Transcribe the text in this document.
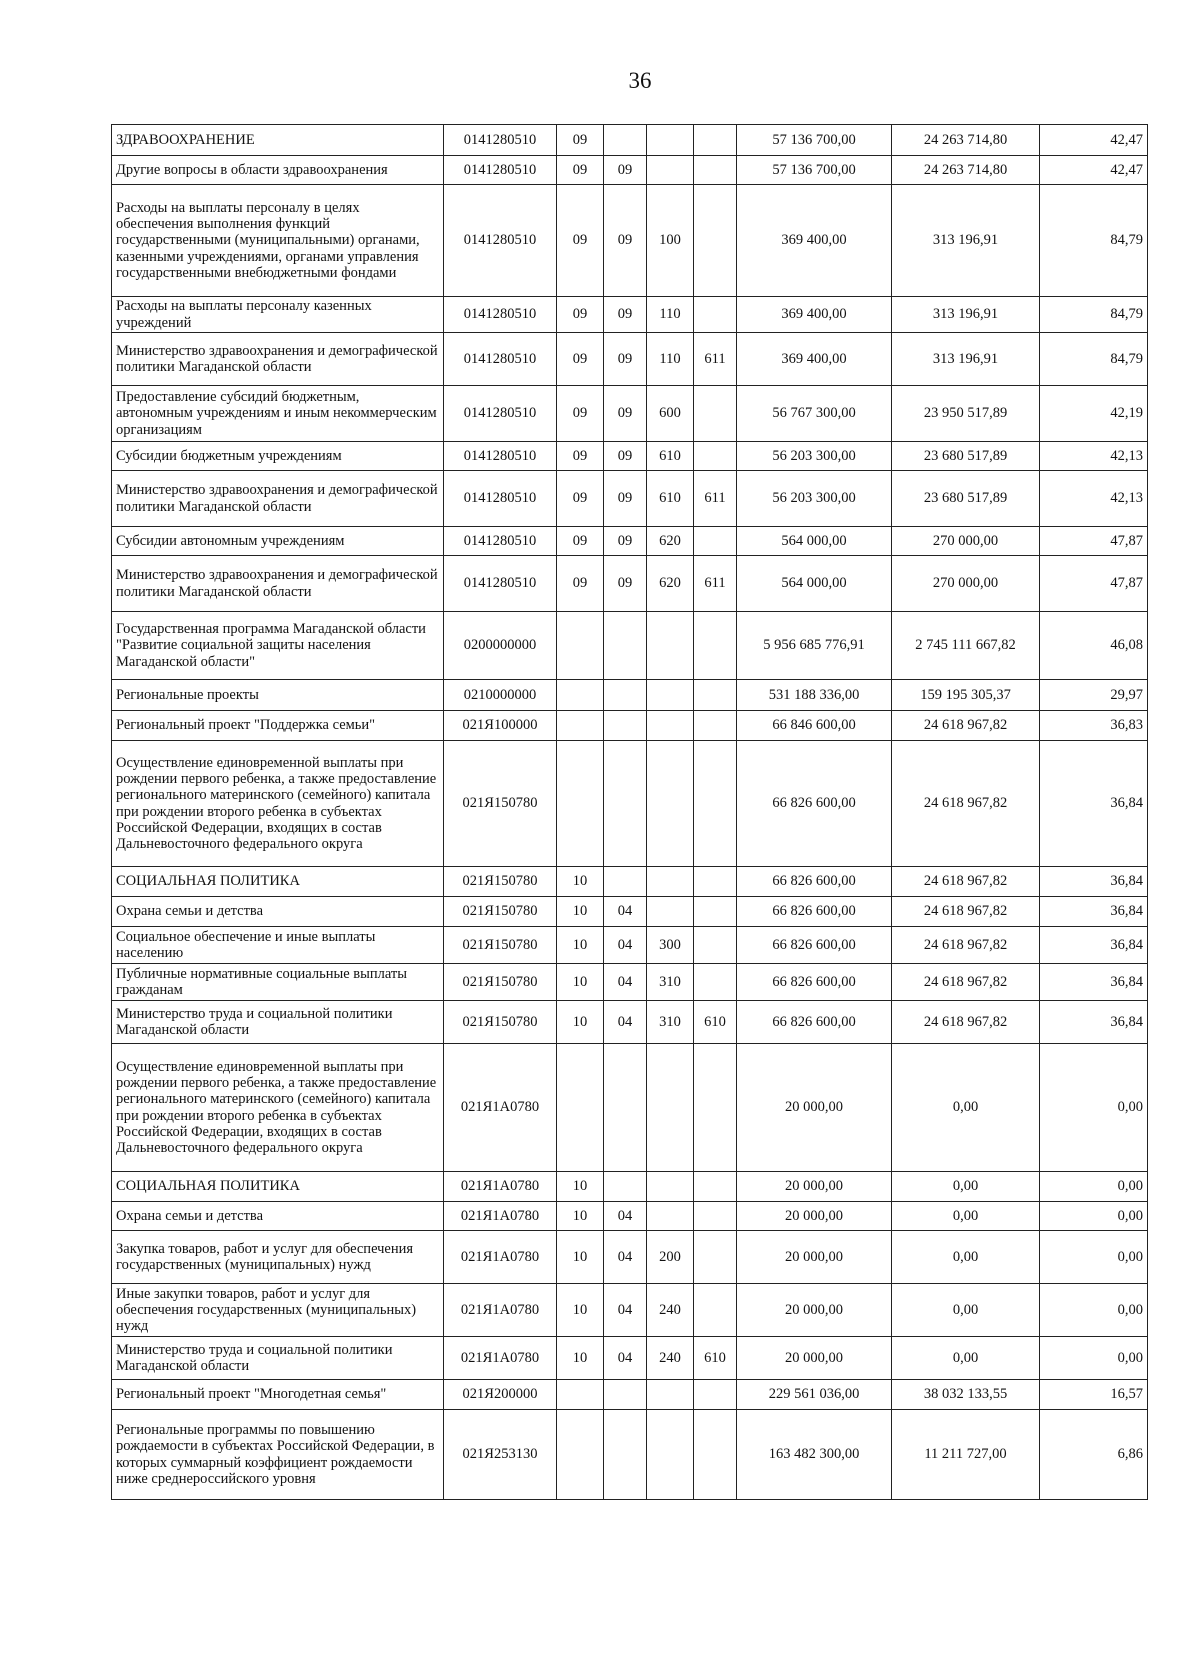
36
ЗДРАВООХРАНЕНИЕ	0141280510	09				57 136 700,00	24 263 714,80	42,47
Другие вопросы в области здравоохранения	0141280510	09	09			57 136 700,00	24 263 714,80	42,47
Расходы на выплаты персоналу в целях обеспечения выполнения функций государственными (муниципальными) органами, казенными учреждениями, органами управления государственными внебюджетными фондами	0141280510	09	09	100		369 400,00	313 196,91	84,79
Расходы на выплаты персоналу казенных учреждений	0141280510	09	09	110		369 400,00	313 196,91	84,79
Министерство здравоохранения и демографической политики Магаданской области	0141280510	09	09	110	611	369 400,00	313 196,91	84,79
Предоставление субсидий бюджетным, автономным учреждениям и иным некоммерческим организациям	0141280510	09	09	600		56 767 300,00	23 950 517,89	42,19
Субсидии бюджетным учреждениям	0141280510	09	09	610		56 203 300,00	23 680 517,89	42,13
Министерство здравоохранения и демографической политики Магаданской области	0141280510	09	09	610	611	56 203 300,00	23 680 517,89	42,13
Субсидии автономным учреждениям	0141280510	09	09	620		564 000,00	270 000,00	47,87
Министерство здравоохранения и демографической политики Магаданской области	0141280510	09	09	620	611	564 000,00	270 000,00	47,87
Государственная программа Магаданской области "Развитие социальной защиты населения Магаданской области"	0200000000					5 956 685 776,91	2 745 111 667,82	46,08
Региональные проекты	0210000000					531 188 336,00	159 195 305,37	29,97
Региональный проект "Поддержка семьи"	021Я100000					66 846 600,00	24 618 967,82	36,83
Осуществление единовременной выплаты при рождении первого ребенка, а также предоставление регионального материнского (семейного) капитала при рождении второго ребенка в субъектах Российской Федерации, входящих в состав Дальневосточного федерального округа	021Я150780					66 826 600,00	24 618 967,82	36,84
СОЦИАЛЬНАЯ ПОЛИТИКА	021Я150780	10				66 826 600,00	24 618 967,82	36,84
Охрана семьи и детства	021Я150780	10	04			66 826 600,00	24 618 967,82	36,84
Социальное обеспечение и иные выплаты населению	021Я150780	10	04	300		66 826 600,00	24 618 967,82	36,84
Публичные нормативные социальные выплаты гражданам	021Я150780	10	04	310		66 826 600,00	24 618 967,82	36,84
Министерство труда и социальной политики Магаданской области	021Я150780	10	04	310	610	66 826 600,00	24 618 967,82	36,84
Осуществление единовременной выплаты при рождении первого ребенка, а также предоставление регионального материнского (семейного) капитала при рождении второго ребенка в субъектах Российской Федерации, входящих в состав Дальневосточного федерального округа	021Я1А0780					20 000,00	0,00	0,00
СОЦИАЛЬНАЯ ПОЛИТИКА	021Я1А0780	10				20 000,00	0,00	0,00
Охрана семьи и детства	021Я1А0780	10	04			20 000,00	0,00	0,00
Закупка товаров, работ и услуг для обеспечения государственных (муниципальных) нужд	021Я1А0780	10	04	200		20 000,00	0,00	0,00
Иные закупки товаров, работ и услуг для обеспечения государственных (муниципальных) нужд	021Я1А0780	10	04	240		20 000,00	0,00	0,00
Министерство труда и социальной политики Магаданской области	021Я1А0780	10	04	240	610	20 000,00	0,00	0,00
Региональный проект "Многодетная семья"	021Я200000					229 561 036,00	38 032 133,55	16,57
Региональные программы по повышению рождаемости в субъектах Российской Федерации, в которых суммарный коэффициент рождаемости ниже среднероссийского уровня	021Я253130					163 482 300,00	11 211 727,00	6,86
